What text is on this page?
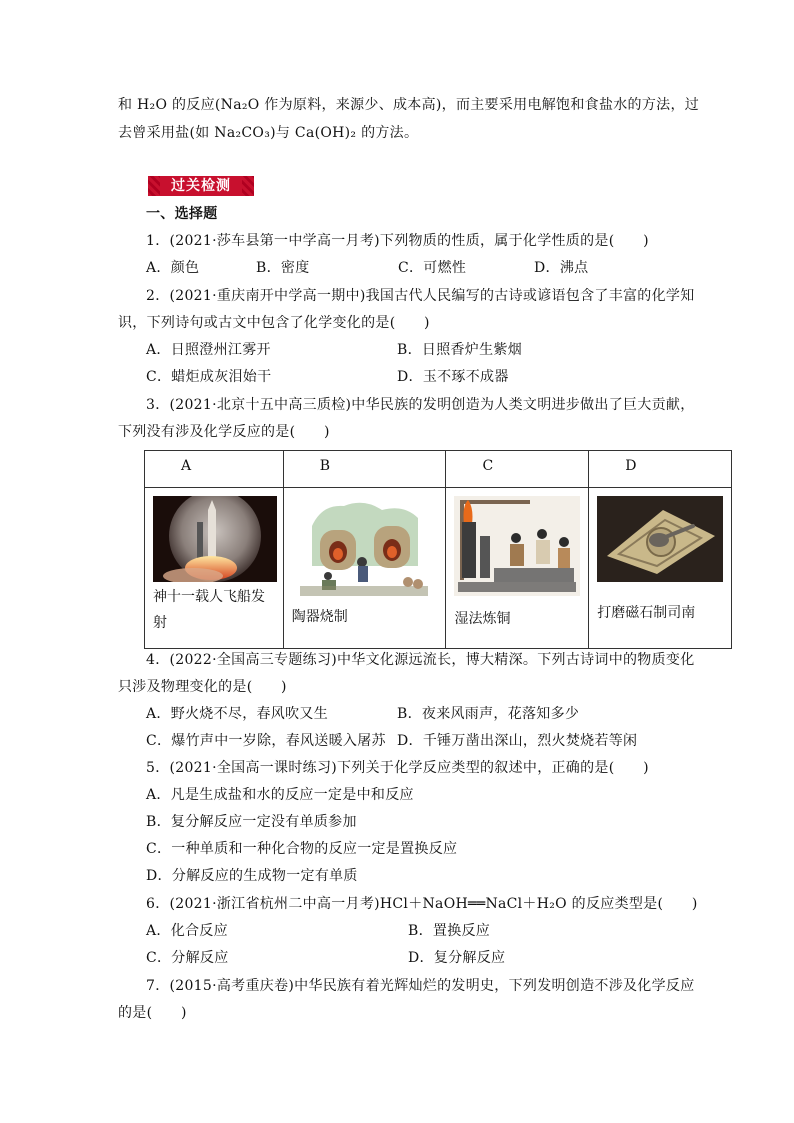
和 H₂O 的反应(Na₂O 作为原料，来源少、成本高)，而主要采用电解饱和食盐水的方法，过
去曾采用盐(如 Na₂CO₃)与 Ca(OH)₂ 的方法。
过关检测
一、选择题
1．(2021·莎车县第一中学高一月考)下列物质的性质，属于化学性质的是(　　)
A．颜色	B．密度	C．可燃性	D．沸点
2．(2021·重庆南开中学高一期中)我国古代人民编写的古诗或谚语包含了丰富的化学知
识，下列诗句或古文中包含了化学变化的是(　　)
A．日照澄州江雾开	B．日照香炉生紫烟
C．蜡炬成灰泪始干	D．玉不琢不成器
3．(2021·北京十五中高三质检)中华民族的发明创造为人类文明进步做出了巨大贡献，
下列没有涉及化学反应的是(　　)
A	B	C	D

神十一载人飞船发
射	陶器烧制	湿法炼铜	打磨磁石制司南
4．(2022·全国高三专题练习)中华文化源远流长，博大精深。下列古诗词中的物质变化
只涉及物理变化的是(　　)
A．野火烧不尽，春风吹又生	B．夜来风雨声，花落知多少
C．爆竹声中一岁除，春风送暖入屠苏 D．千锤万凿出深山，烈火焚烧若等闲
5．(2021·全国高一课时练习)下列关于化学反应类型的叙述中，正确的是(　　)
A．凡是生成盐和水的反应一定是中和反应
B．复分解反应一定没有单质参加
C．一种单质和一种化合物的反应一定是置换反应
D．分解反应的生成物一定有单质
6．(2021·浙江省杭州二中高一月考)HCl＋NaOH══NaCl＋H₂O 的反应类型是(　　)
A．化合反应	B．置换反应
C．分解反应	D．复分解反应
7．(2015·高考重庆卷)中华民族有着光辉灿烂的发明史，下列发明创造不涉及化学反应
的是(　　)
